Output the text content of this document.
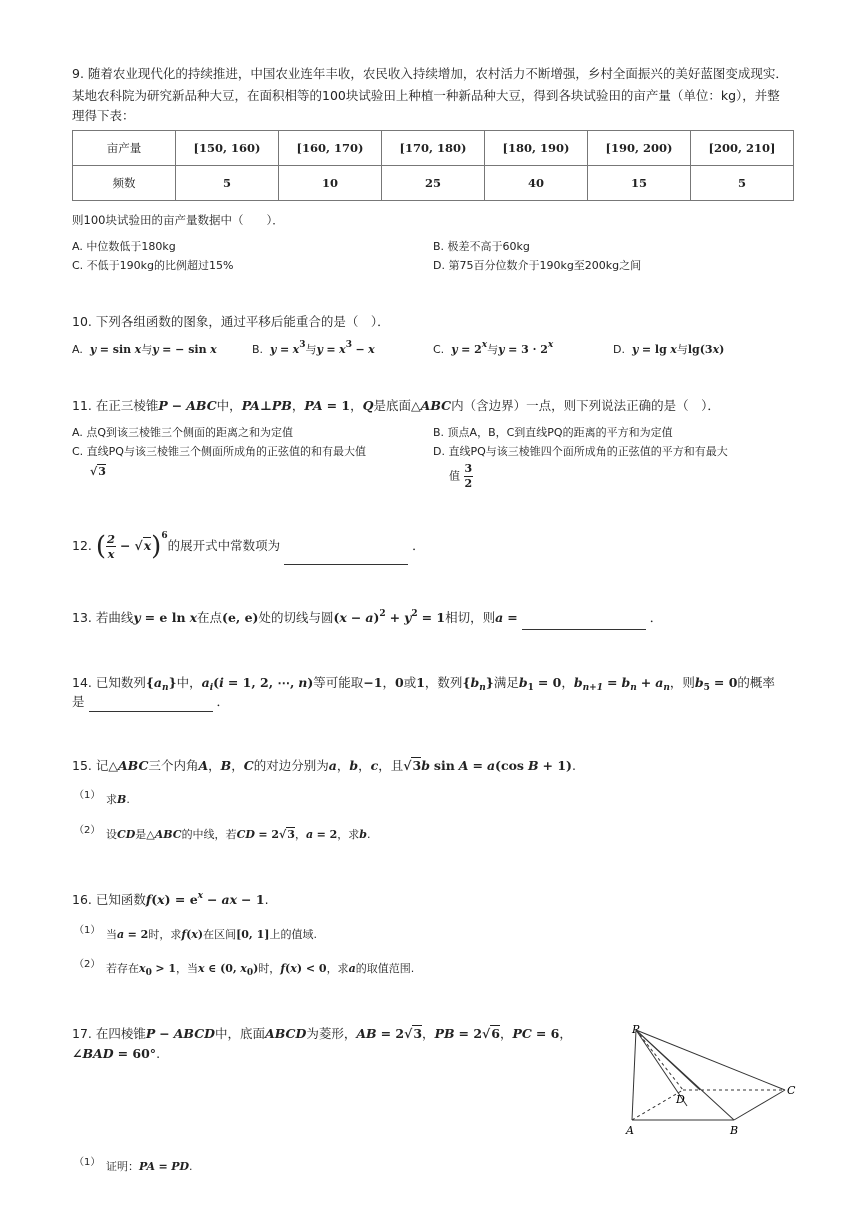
9. 随着农业现代化的持续推进，中国农业连年丰收，农民收入持续增加，农村活力不断增强，乡村全面振兴的美好蓝图变成现实．
某地农科院为研究新品种大豆，在面积相等的100块试验田上种植一种新品种大豆，得到各块试验田的亩产量（单位：kg），并整
理得下表：
亩产量	[150, 160)	[160, 170)	[170, 180)	[180, 190)	[190, 200)	[200, 210]
频数	5	10	25	40	15	5
则100块试验田的亩产量数据中（　　）．
A. 中位数低于180kg	B. 极差不高于60kg
C. 不低于190kg的比例超过15%	D. 第75百分位数介于190kg至200kg之间
10. 下列各组函数的图象，通过平移后能重合的是（　）．
A. y = sin x与y = − sin x	B. $y = x^3$与$y = x^3 - x$	C. $y = 2^x$与$y = 3 \cdot 2^x$	D. y = lg x与lg(3x)
11. 在正三棱锥P − ABC中，PA⊥PB，PA = 1，Q是底面△ABC内（含边界）一点，则下列说法正确的是（　）．
A. 点Q到该三棱锥三个侧面的距离之和为定值	B. 顶点A，B，C到直线PQ的距离的平方和为定值
C. 直线PQ与该三棱锥三个侧面所成角的正弦值的和有最大值
√3
D. 直线PQ与该三棱锥四个面所成角的正弦值的平方和有最大
值 $\frac{3}{2}$
12. ( $\frac{2}{x} - √x)^6$的展开式中常数项为	．
13. 若曲线y = e ln x在点(e, e)处的切线与圆$(x - a)^2 + y^2 = 1$相切，则a =	．
14. 已知数列$\{a_n\}$中，$a_i(i = 1$, 2, ⋯, n)等可能取−1，0或1，数列$\{b_n\}$满足$b_1 = 0$，$b_{n+1} = b_n + a_n$，则$b_5 = 0$的概率
是	．
15. 记△ABC三个内角A，B，C的对边分别为a，b，c，且√3b sin A = a(cos B + 1).
（1） 求B.
（2） 设CD是△ABC的中线，若CD = 2√3，a = 2，求b.
16. 已知函数$f(x) = e^x$ − ax − 1.
（1） 当a = 2时，求f(x)在区间[0, 1]上的值域.
（2） 若存在$x_0 > 1$，当x ∈ (0, $x_0$)时，f(x) < 0，求a的取值范围.
17. 在四棱锥P − ABCD中，底面ABCD为菱形，AB = 2√3，PB = 2√6，PC = 6，
∠BAD = 60°.
P
D
C
A	B
（1） 证明：PA = PD.
